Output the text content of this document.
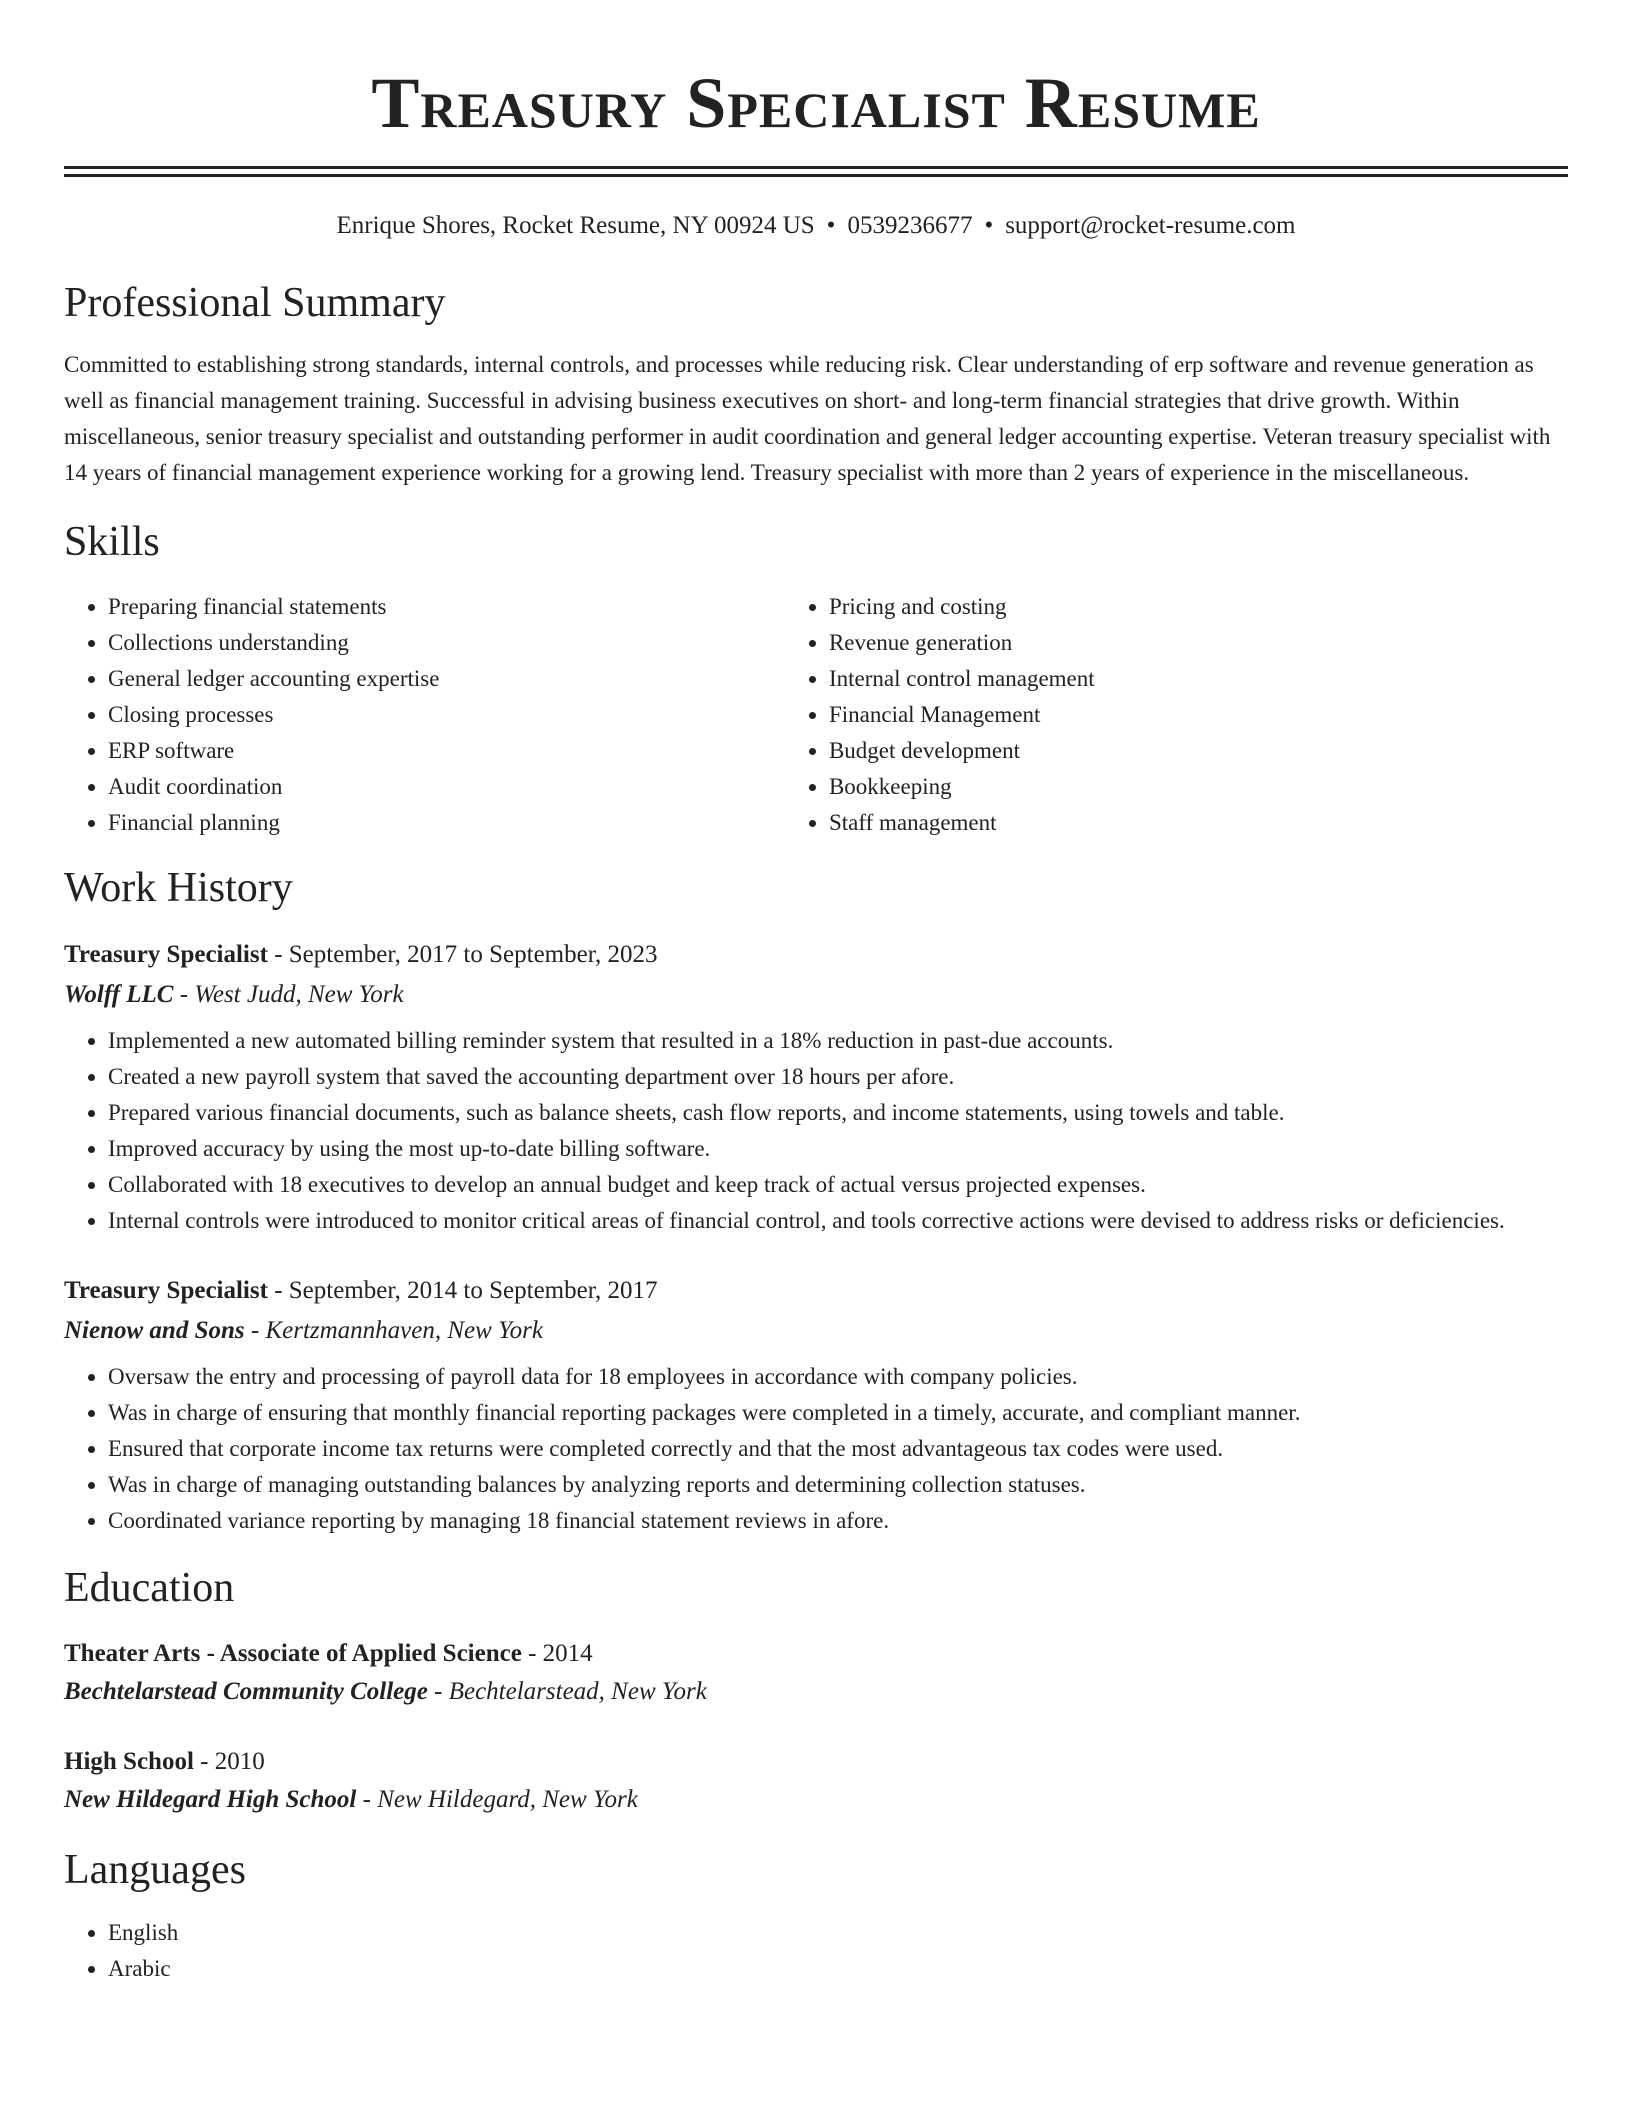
Treasury Specialist Resume
Enrique Shores, Rocket Resume, NY 00924 US • 0539236677 • support@rocket-resume.com
Professional Summary

Committed to establishing strong standards, internal controls, and processes while reducing risk. Clear understanding of erp software and revenue generation as well as financial management training. Successful in advising business executives on short- and long-term financial strategies that drive growth. Within miscellaneous, senior treasury specialist and outstanding performer in audit coordination and general ledger accounting expertise. Veteran treasury specialist with 14 years of financial management experience working for a growing lend. Treasury specialist with more than 2 years of experience in the miscellaneous.

Skills
• Preparing financial statements
• Collections understanding
• General ledger accounting expertise
• Closing processes
• ERP software
• Audit coordination
• Financial planning
• Pricing and costing
• Revenue generation
• Internal control management
• Financial Management
• Budget development
• Bookkeeping
• Staff management
Work History
Treasury Specialist - September, 2017 to September, 2023
Wolff LLC - West Judd, New York
• Implemented a new automated billing reminder system that resulted in a 18% reduction in past-due accounts.
• Created a new payroll system that saved the accounting department over 18 hours per afore.
• Prepared various financial documents, such as balance sheets, cash flow reports, and income statements, using towels and table.
• Improved accuracy by using the most up-to-date billing software.
• Collaborated with 18 executives to develop an annual budget and keep track of actual versus projected expenses.
• Internal controls were introduced to monitor critical areas of financial control, and tools corrective actions were devised to address risks or deficiencies.
Treasury Specialist - September, 2014 to September, 2017
Nienow and Sons - Kertzmannhaven, New York
• Oversaw the entry and processing of payroll data for 18 employees in accordance with company policies.
• Was in charge of ensuring that monthly financial reporting packages were completed in a timely, accurate, and compliant manner.
• Ensured that corporate income tax returns were completed correctly and that the most advantageous tax codes were used.
• Was in charge of managing outstanding balances by analyzing reports and determining collection statuses.
• Coordinated variance reporting by managing 18 financial statement reviews in afore.
Education
Theater Arts - Associate of Applied Science - 2014
Bechtelarstead Community College - Bechtelarstead, New York
High School - 2010
New Hildegard High School - New Hildegard, New York
Languages
• English
• Arabic
